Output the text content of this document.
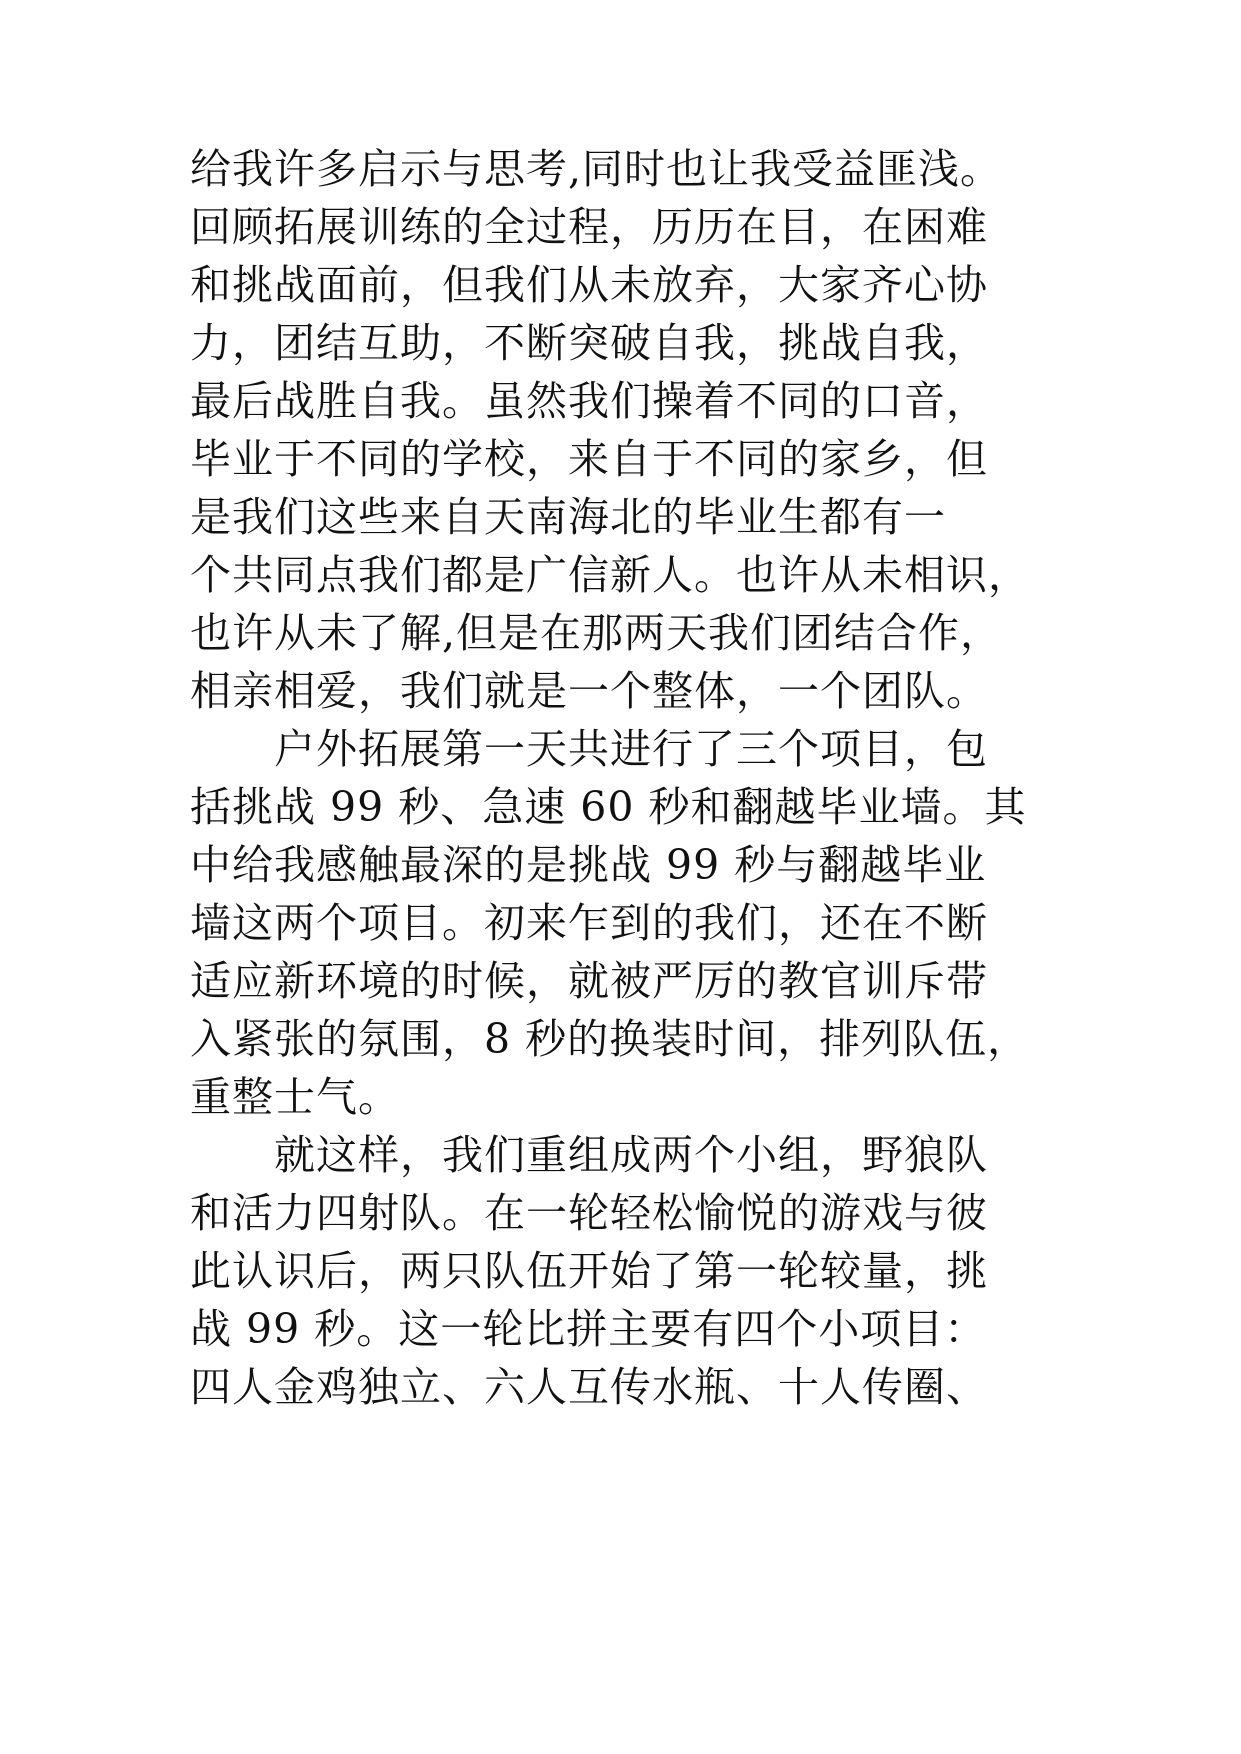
给我许多启示与思考,同时也让我受益匪浅。
回顾拓展训练的全过程，历历在目，在困难
和挑战面前，但我们从未放弃，大家齐心协
力，团结互助，不断突破自我，挑战自我，
最后战胜自我。虽然我们操着不同的口音，
毕业于不同的学校，来自于不同的家乡，但
是我们这些来自天南海北的毕业生都有一
个共同点我们都是广信新人。也许从未相识，
也许从未了解,但是在那两天我们团结合作，
相亲相爱，我们就是一个整体，一个团队。
　　户外拓展第一天共进行了三个项目，包
括挑战 99 秒、急速 60 秒和翻越毕业墙。其
中给我感触最深的是挑战 99 秒与翻越毕业
墙这两个项目。初来乍到的我们，还在不断
适应新环境的时候，就被严厉的教官训斥带
入紧张的氛围，8 秒的换装时间，排列队伍，
重整士气。
　　就这样，我们重组成两个小组，野狼队
和活力四射队。在一轮轻松愉悦的游戏与彼
此认识后，两只队伍开始了第一轮较量，挑
战 99 秒。这一轮比拼主要有四个小项目：
四人金鸡独立、六人互传水瓶、十人传圈、
